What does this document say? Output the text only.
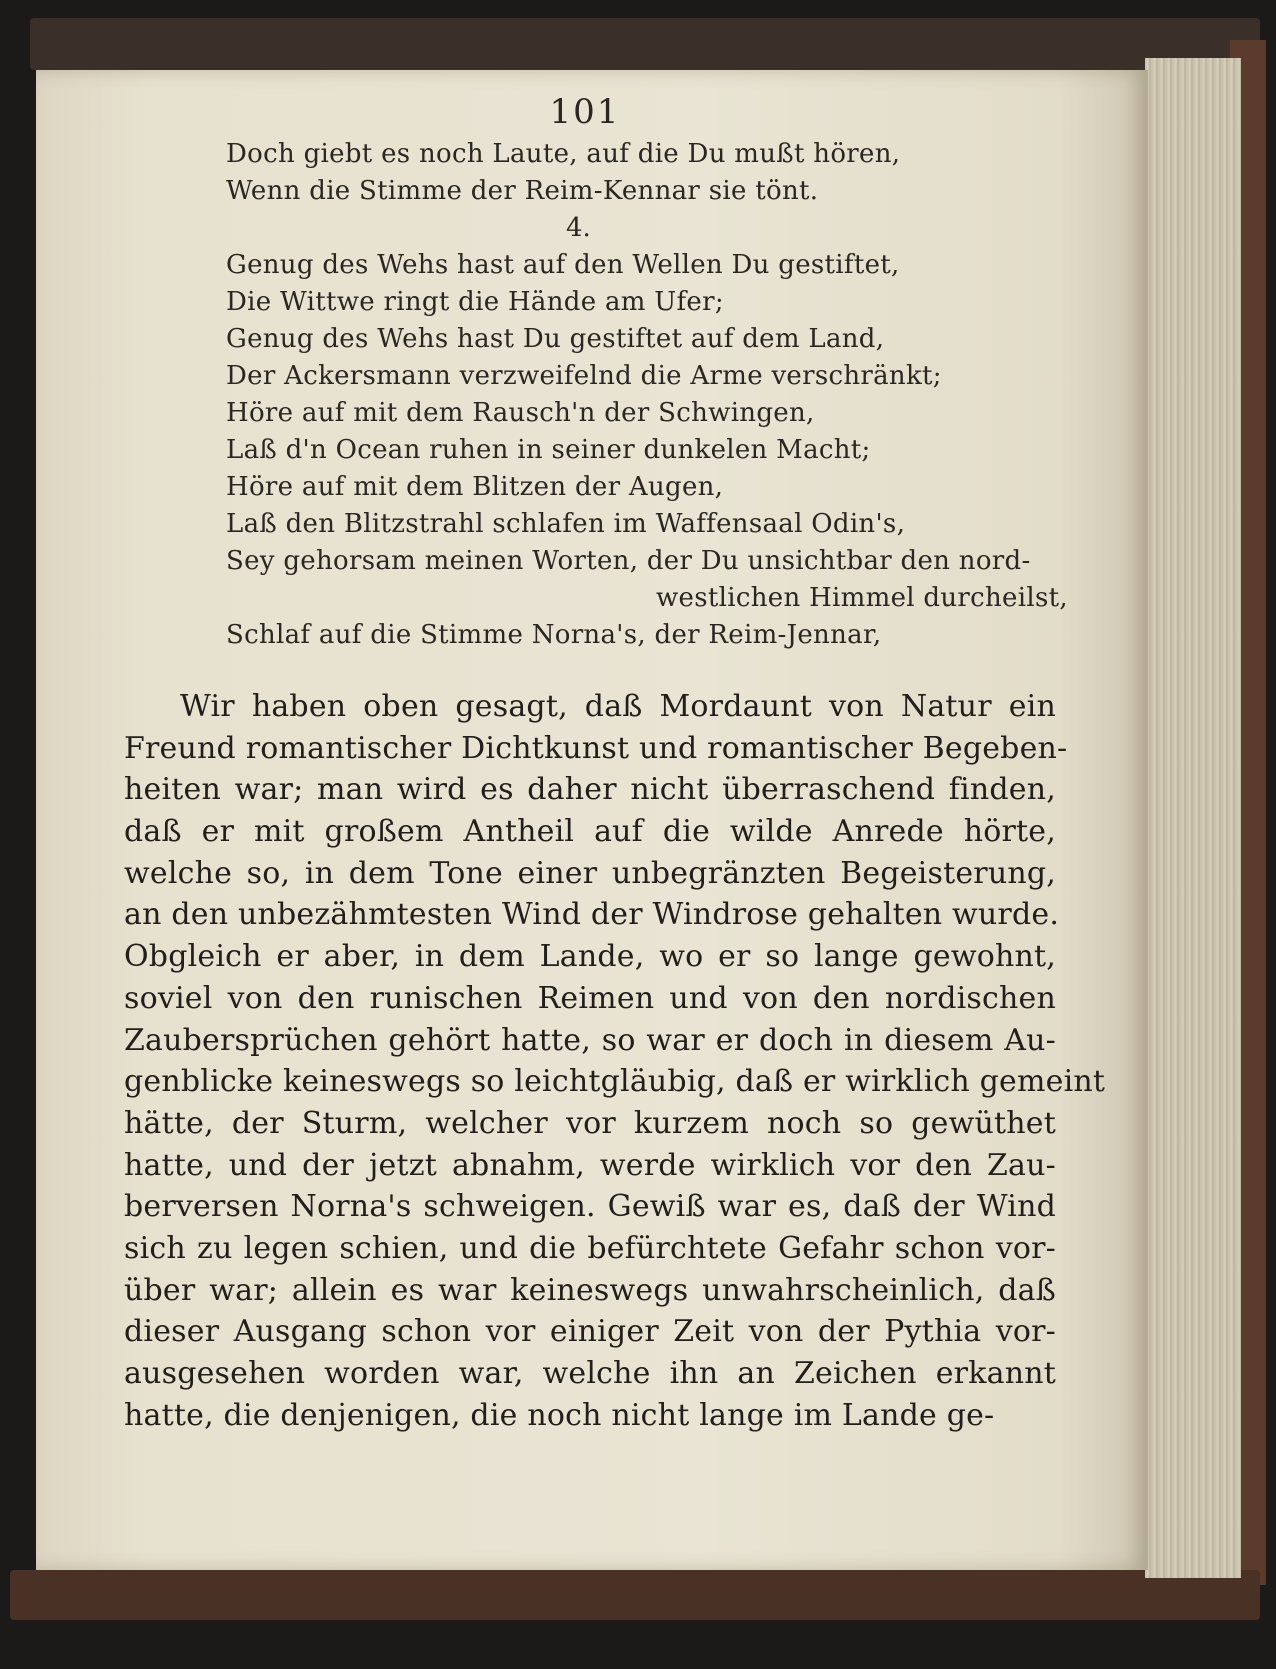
101
Doch giebt es noch Laute, auf die Du mußt hören,
Wenn die Stimme der Reim-Kennar sie tönt.
4.
Genug des Wehs hast auf den Wellen Du gestiftet,
Die Wittwe ringt die Hände am Ufer;
Genug des Wehs hast Du gestiftet auf dem Land,
Der Ackersmann verzweifelnd die Arme verschränkt;
Höre auf mit dem Rausch'n der Schwingen,
Laß d'n Ocean ruhen in seiner dunkelen Macht;
Höre auf mit dem Blitzen der Augen,
Laß den Blitzstrahl schlafen im Waffensaal Odin's,
Sey gehorsam meinen Worten, der Du unsichtbar den nord-
westlichen Himmel durcheilst,
Schlaf auf die Stimme Norna's, der Reim-Jennar,
Wir haben oben gesagt, daß Mordaunt von Natur ein
Freund romantischer Dichtkunst und romantischer Begeben-
heiten war; man wird es daher nicht überraschend finden,
daß er mit großem Antheil auf die wilde Anrede hörte,
welche so, in dem Tone einer unbegränzten Begeisterung,
an den unbezähmtesten Wind der Windrose gehalten wurde.
Obgleich er aber, in dem Lande, wo er so lange gewohnt,
soviel von den runischen Reimen und von den nordischen
Zaubersprüchen gehört hatte, so war er doch in diesem Au-
genblicke keineswegs so leichtgläubig, daß er wirklich gemeint
hätte, der Sturm, welcher vor kurzem noch so gewüthet
hatte, und der jetzt abnahm, werde wirklich vor den Zau-
berversen Norna's schweigen. Gewiß war es, daß der Wind
sich zu legen schien, und die befürchtete Gefahr schon vor-
über war; allein es war keineswegs unwahrscheinlich, daß
dieser Ausgang schon vor einiger Zeit von der Pythia vor-
ausgesehen worden war, welche ihn an Zeichen erkannt
hatte, die denjenigen, die noch nicht lange im Lande ge-
